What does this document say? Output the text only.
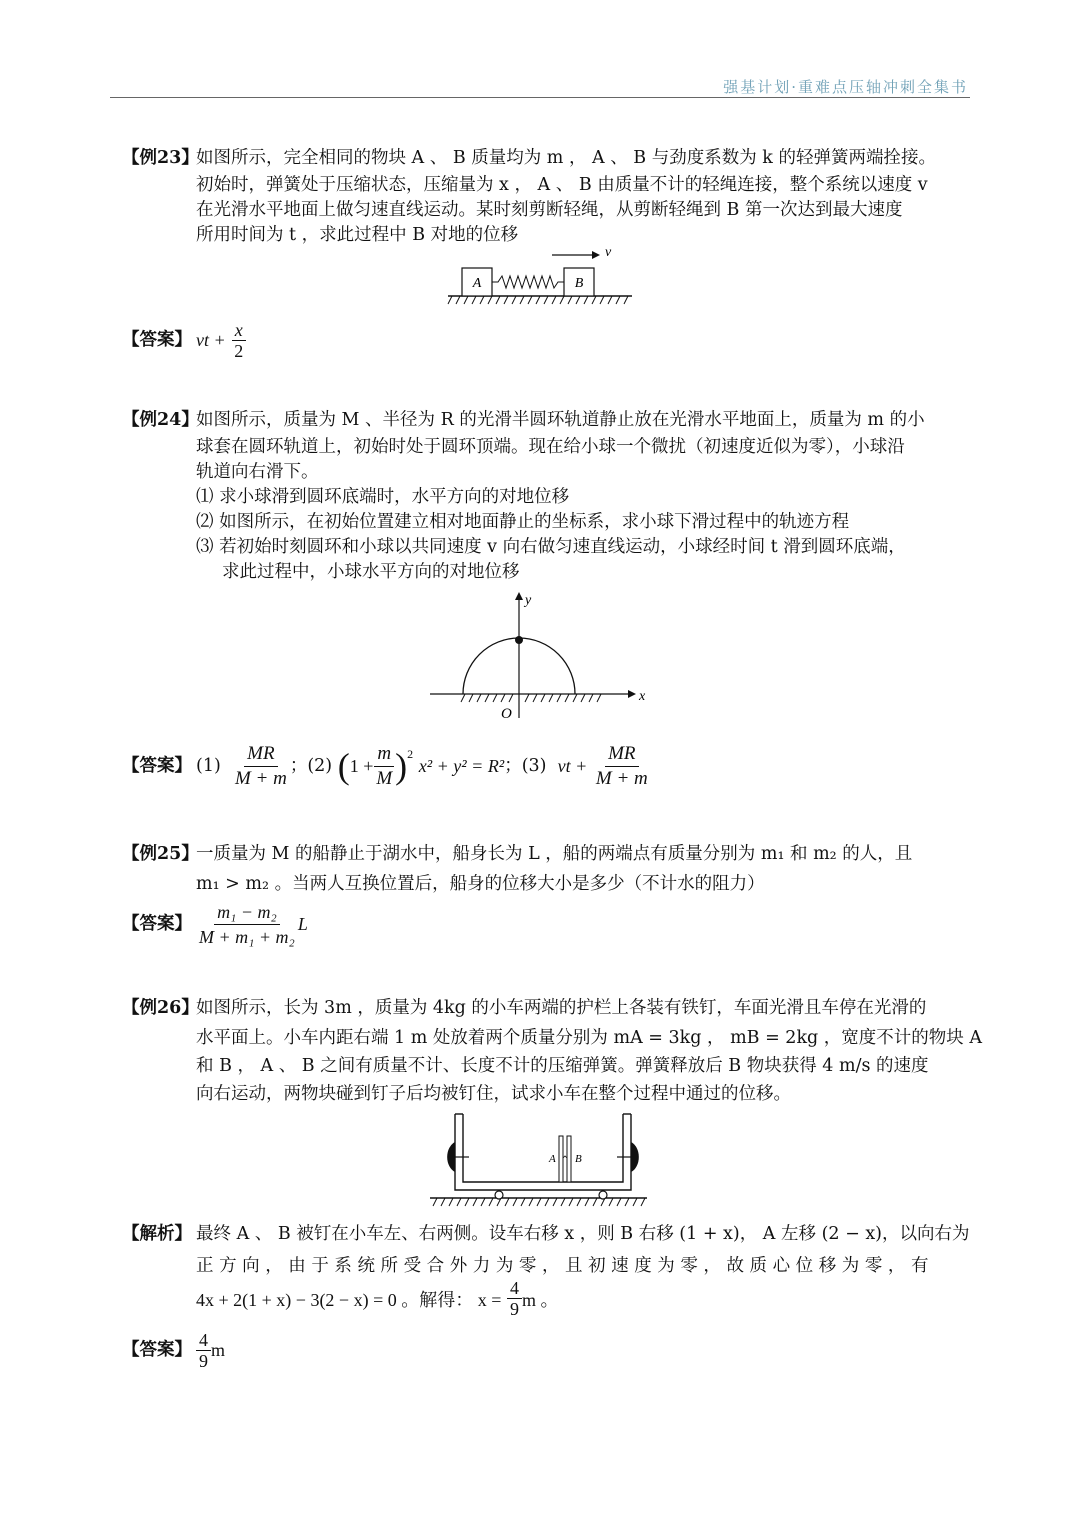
强基计划·重难点压轴冲刺全集书
【例23】如图所示，完全相同的物块 A 、 B 质量均为 m ， A 、 B 与劲度系数为 k 的轻弹簧两端拴接。
初始时，弹簧处于压缩状态，压缩量为 x ， A 、 B 由质量不计的轻绳连接，整个系统以速度 v
在光滑水平地面上做匀速直线运动。某时刻剪断轻绳，从剪断轻绳到 B 第一次达到最大速度
所用时间为 t ，求此过程中 B 对地的位移
A	B
v
【答案】 vt + $\frac{x}{2}$
【例24】如图所示，质量为 M 、半径为 R 的光滑半圆环轨道静止放在光滑水平地面上，质量为 m 的小
球套在圆环轨道上，初始时处于圆环顶端。现在给小球一个微扰（初速度近似为零），小球沿
轨道向右滑下。
⑴ 求小球滑到圆环底端时，水平方向的对地位移
⑵ 如图所示，在初始位置建立相对地面静止的坐标系，求小球下滑过程中的轨迹方程
⑶ 若初始时刻圆环和小球以共同速度 v 向右做匀速直线运动，小球经时间 t 滑到圆环底端，
求此过程中，小球水平方向的对地位移
x
y
O
【答案】 (1)
$\frac{MR}{M + m}$ ； (2)
( $1 + \frac{m}{M} )^2$

x² + y² = R² ； (3)
vt +
$\frac{MR}{M + m}$
【例25】一质量为 M 的船静止于湖水中，船身长为 L ，船的两端点有质量分别为 m₁ 和 m₂ 的人，且
m₁ > m₂ 。当两人互换位置后，船身的位移大小是多少（不计水的阻力）
【答案】 $\frac{\text{m₁ − m₂}}{\text{M + m₁ + m₂}}$ L
【例26】如图所示，长为 3m ，质量为 4kg 的小车两端的护栏上各装有铁钉，车面光滑且车停在光滑的
水平面上。小车内距右端 1 m 处放着两个质量分别为 mA = 3kg ， mB = 2kg ，宽度不计的物块 A
和 B ， A 、 B 之间有质量不计、长度不计的压缩弹簧。弹簧释放后 B 物块获得 4 m/s 的速度
向右运动，两物块碰到钉子后均被钉住，试求小车在整个过程中通过的位移。
A B
【解析】 最终 A 、 B 被钉在小车左、右两侧。设车右移 x ，则 B 右移 (1 + x)， A 左移 (2 − x)，以向右为
正 方 向 ， 由 于 系 统 所 受 合 外 力 为 零 ， 且 初 速 度 为 零 ， 故 质 心 位 移 为 零 ， 有
4x + 2(1 + x) − 3(2 − x) = 0 。解得： x =
$\frac{4}{9}$ m 。
【答案】 $\frac{4}{9}$ m
